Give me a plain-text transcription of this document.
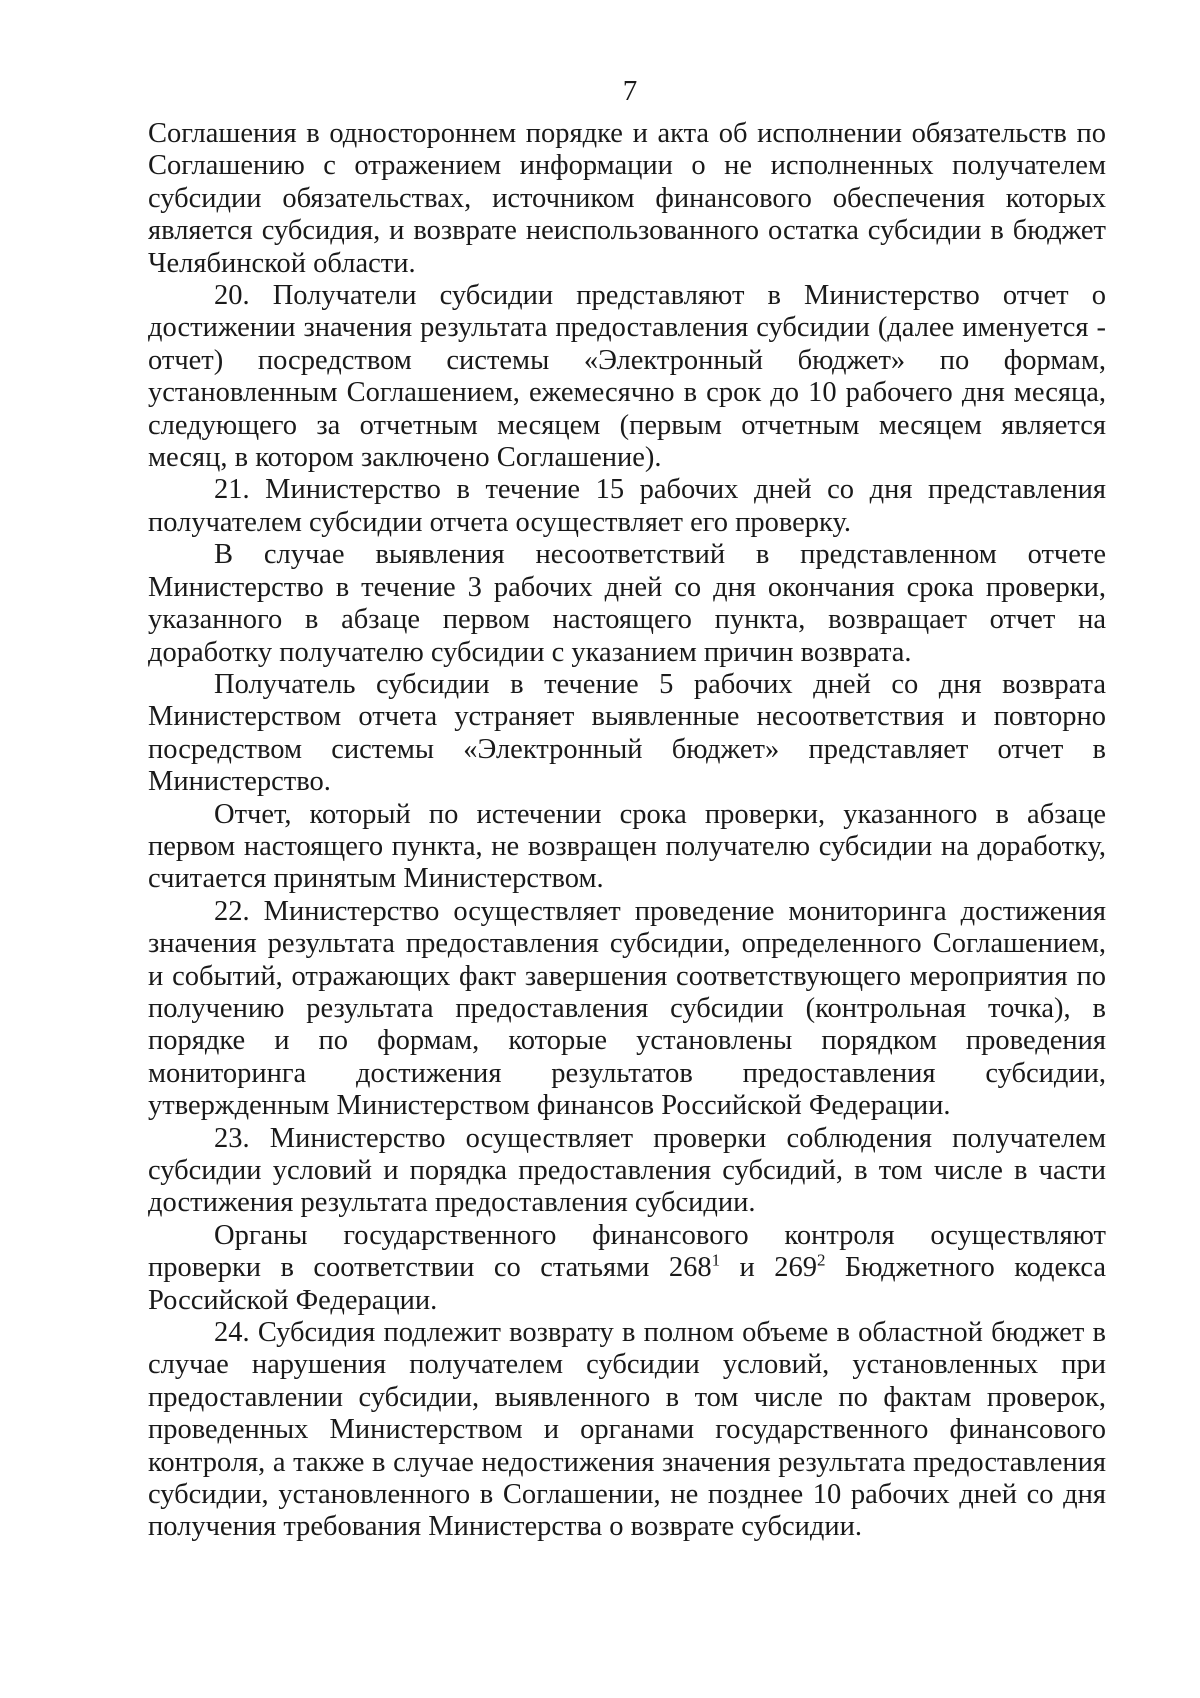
7

Соглашения в одностороннем порядке и акта об исполнении обязательств по Соглашению с отражением информации о не исполненных получателем субсидии обязательствах, источником финансового обеспечения которых является субсидия, и возврате неиспользованного остатка субсидии в бюджет Челябинской области.

20. Получатели субсидии представляют в Министерство отчет о достижении значения результата предоставления субсидии (далее именуется - отчет) посредством системы «Электронный бюджет» по формам, установленным Соглашением, ежемесячно в срок до 10 рабочего дня месяца, следующего за отчетным месяцем (первым отчетным месяцем является месяц, в котором заключено Соглашение).

21. Министерство в течение 15 рабочих дней со дня представления получателем субсидии отчета осуществляет его проверку.

В случае выявления несоответствий в представленном отчете Министерство в течение 3 рабочих дней со дня окончания срока проверки, указанного в абзаце первом настоящего пункта, возвращает отчет на доработку получателю субсидии с указанием причин возврата.

Получатель субсидии в течение 5 рабочих дней со дня возврата Министерством отчета устраняет выявленные несоответствия и повторно посредством системы «Электронный бюджет» представляет отчет в Министерство.

Отчет, который по истечении срока проверки, указанного в абзаце первом настоящего пункта, не возвращен получателю субсидии на доработку, считается принятым Министерством.

22. Министерство осуществляет проведение мониторинга достижения значения результата предоставления субсидии, определенного Соглашением, и событий, отражающих факт завершения соответствующего мероприятия по получению результата предоставления субсидии (контрольная точка), в порядке и по формам, которые установлены порядком проведения мониторинга достижения результатов предоставления субсидии, утвержденным Министерством финансов Российской Федерации.

23. Министерство осуществляет проверки соблюдения получателем субсидии условий и порядка предоставления субсидий, в том числе в части достижения результата предоставления субсидии.

Органы государственного финансового контроля осуществляют проверки в соответствии со статьями $268^1$ и $269^2$ Бюджетного кодекса Российской Федерации.

24. Субсидия подлежит возврату в полном объеме в областной бюджет в случае нарушения получателем субсидии условий, установленных при предоставлении субсидии, выявленного в том числе по фактам проверок, проведенных Министерством и органами государственного финансового контроля, а также в случае недостижения значения результата предоставления субсидии, установленного в Соглашении, не позднее 10 рабочих дней со дня получения требования Министерства о возврате субсидии.
